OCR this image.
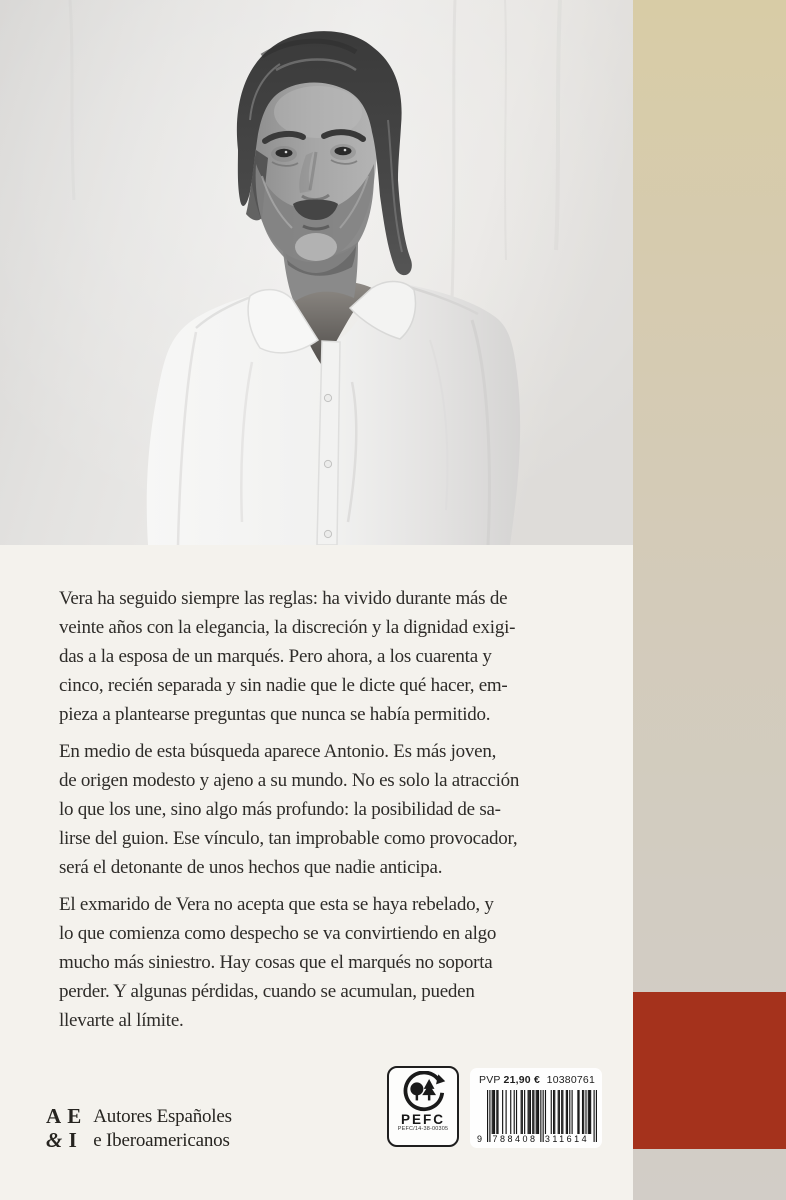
Vera ha seguido siempre las reglas: ha vivido durante más de
veinte años con la elegancia, la discreción y la dignidad exigi-
das a la esposa de un marqués. Pero ahora, a los cuarenta y
cinco, recién separada y sin nadie que le dicte qué hacer, em-
pieza a plantearse preguntas que nunca se había permitido.
En medio de esta búsqueda aparece Antonio. Es más joven,
de origen modesto y ajeno a su mundo. No es solo la atracción
lo que los une, sino algo más profundo: la posibilidad de sa-
lirse del guion. Ese vínculo, tan improbable como provocador,
será el detonante de unos hechos que nadie anticipa.
El exmarido de Vera no acepta que esta se haya rebelado, y
lo que comienza como despecho se va convirtiendo en algo
mucho más siniestro. Hay cosas que el marqués no soporta
perder. Y algunas pérdidas, cuando se acumulan, pueden
llevarte al límite.
A E
& I
Autores Españoles
e Iberoamericanos
PEFC
PEFC/14-38-00305
PVP 21,90 € 10380761
9 788408 311614
